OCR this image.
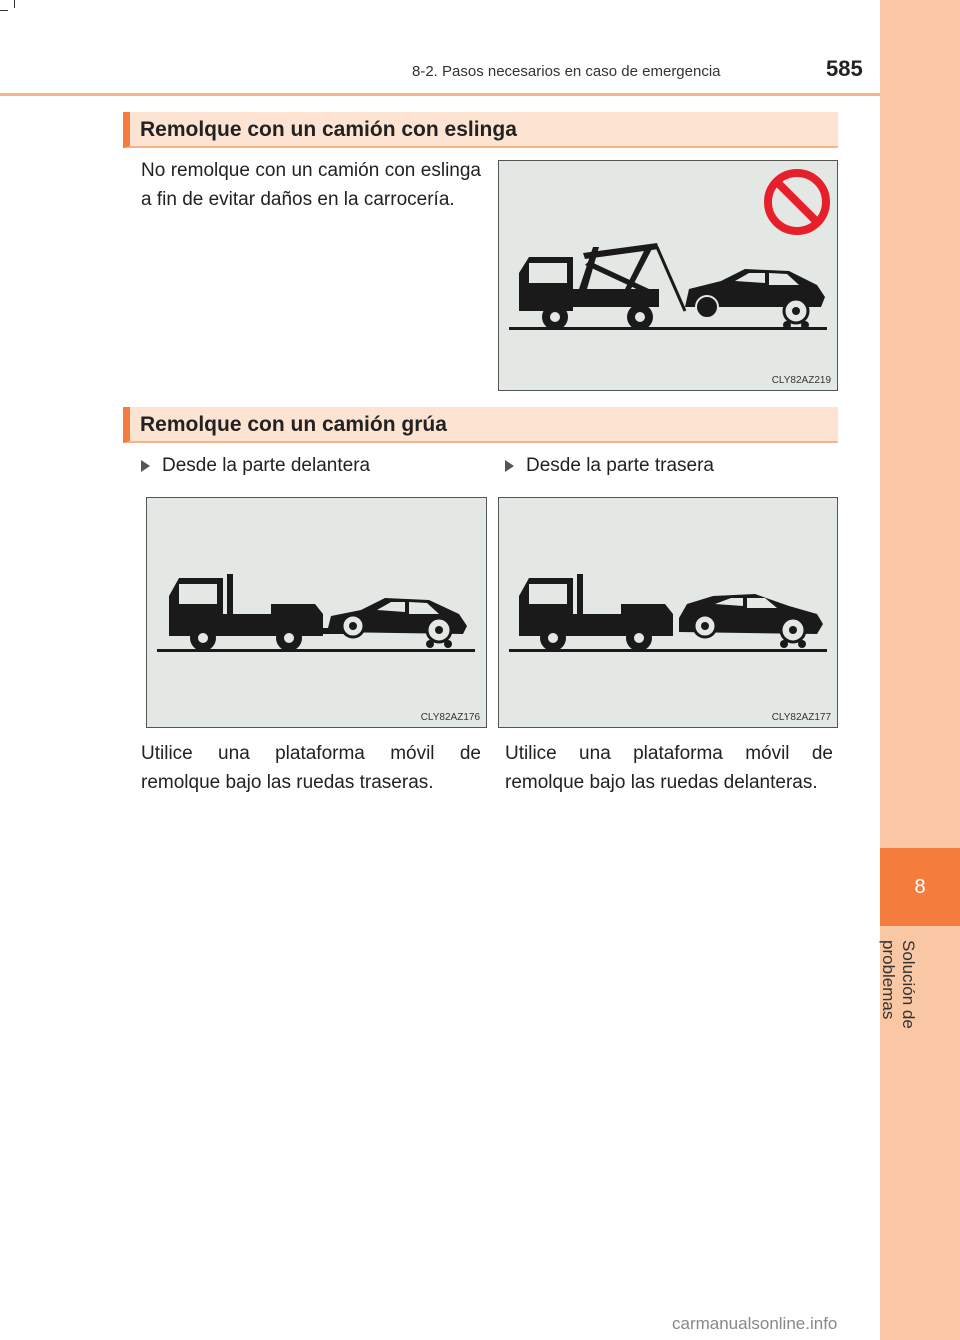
8
Solución de problemas
8-2. Pasos necesarios en caso de emergencia	585
Remolque con un camión con eslinga
No remolque con un camión con eslinga a fin de evitar daños en la carrocería.
CLY82AZ219
Remolque con un camión grúa
Desde la parte delantera	Desde la parte trasera
CLY82AZ176	CLY82AZ177
Utilice una plataforma móvil de remolque bajo las ruedas traseras.
Utilice una plataforma móvil de remolque bajo las ruedas delanteras.
carmanualsonline.info
